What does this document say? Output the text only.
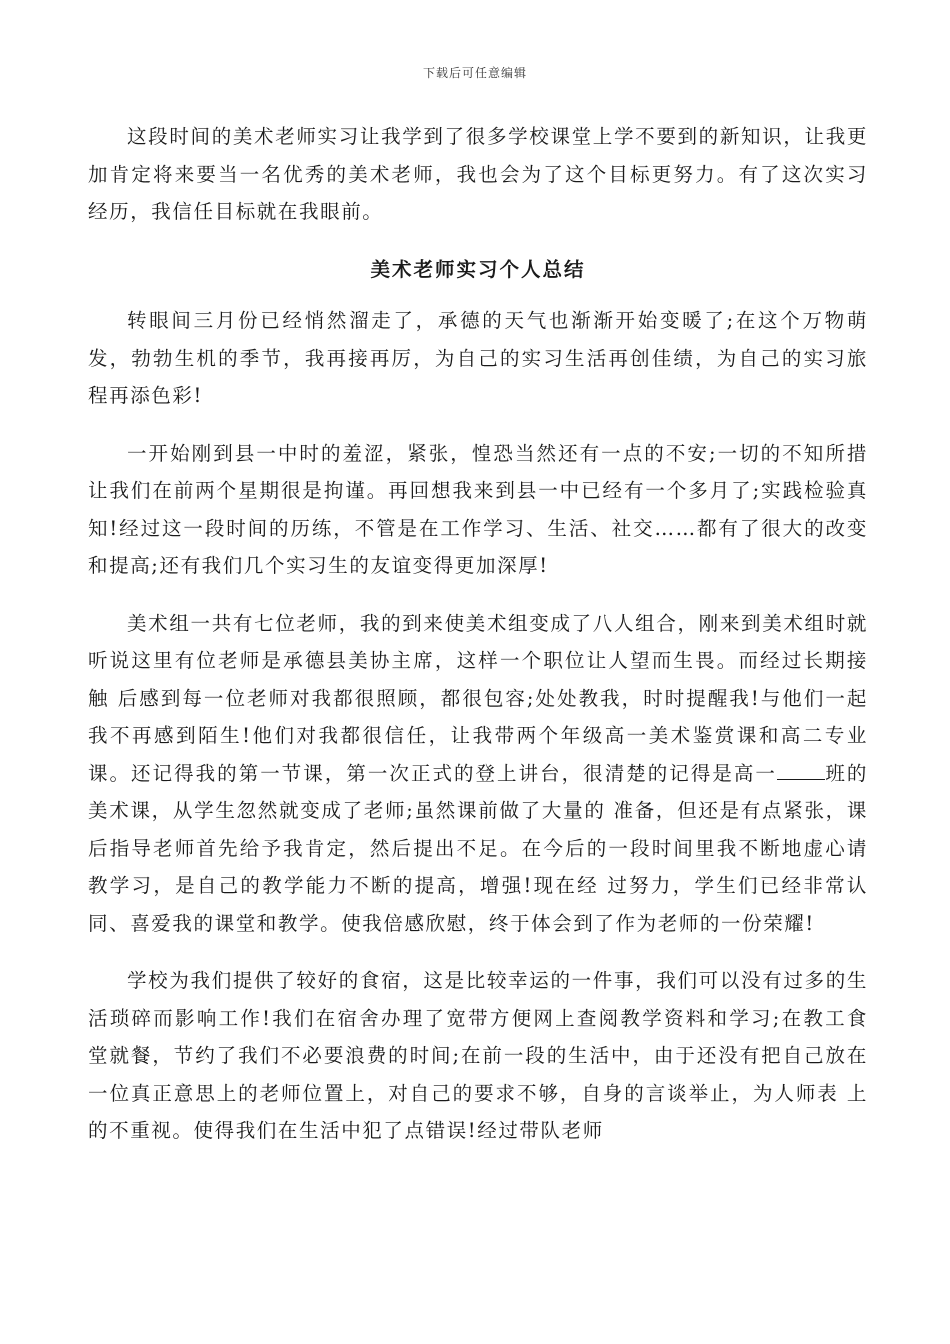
下载后可任意编辑

这段时间的美术老师实习让我学到了很多学校课堂上学不要到的新知识，让我更加肯定将来要当一名优秀的美术老师，我也会为了这个目标更努力。有了这次实习经历，我信任目标就在我眼前。

美术老师实习个人总结

转眼间三月份已经悄然溜走了，承德的天气也渐渐开始变暖了;在这个万物萌发，勃勃生机的季节，我再接再厉，为自己的实习生活再创佳绩，为自己的实习旅程再添色彩!

一开始刚到县一中时的羞涩，紧张，惶恐当然还有一点的不安;一切的不知所措让我们在前两个星期很是拘谨。再回想我来到县一中已经有一个多月了;实践检验真 知!经过这一段时间的历练，不管是在工作学习、生活、社交……都有了很大的改变和提高;还有我们几个实习生的友谊变得更加深厚!

美术组一共有七位老师，我的到来使美术组变成了八人组合，刚来到美术组时就听说这里有位老师是承德县美协主席，这样一个职位让人望而生畏。而经过长期接触 后感到每一位老师对我都很照顾，都很包容;处处教我，时时提醒我!与他们一起我不再感到陌生!他们对我都很信任，让我带两个年级高一美术鉴赏课和高二专业课。还记得我的第一节课，第一次正式的登上讲台，很清楚的记得是高一 班的美术课，从学生忽然就变成了老师;虽然课前做了大量的 准备，但还是有点紧张，课后指导老师首先给予我肯定，然后提出不足。在今后的一段时间里我不断地虚心请教学习，是自己的教学能力不断的提高，增强!现在经 过努力，学生们已经非常认同、喜爱我的课堂和教学。使我倍感欣慰，终于体会到了作为老师的一份荣耀!

学校为我们提供了较好的食宿，这是比较幸运的一件事，我们可以没有过多的生活琐碎而影响工作!我们在宿舍办理了宽带方便网上查阅教学资料和学习;在教工食 堂就餐，节约了我们不必要浪费的时间;在前一段的生活中，由于还没有把自己放在一位真正意思上的老师位置上，对自己的要求不够，自身的言谈举止，为人师表 上的不重视。使得我们在生活中犯了点错误!经过带队老师
